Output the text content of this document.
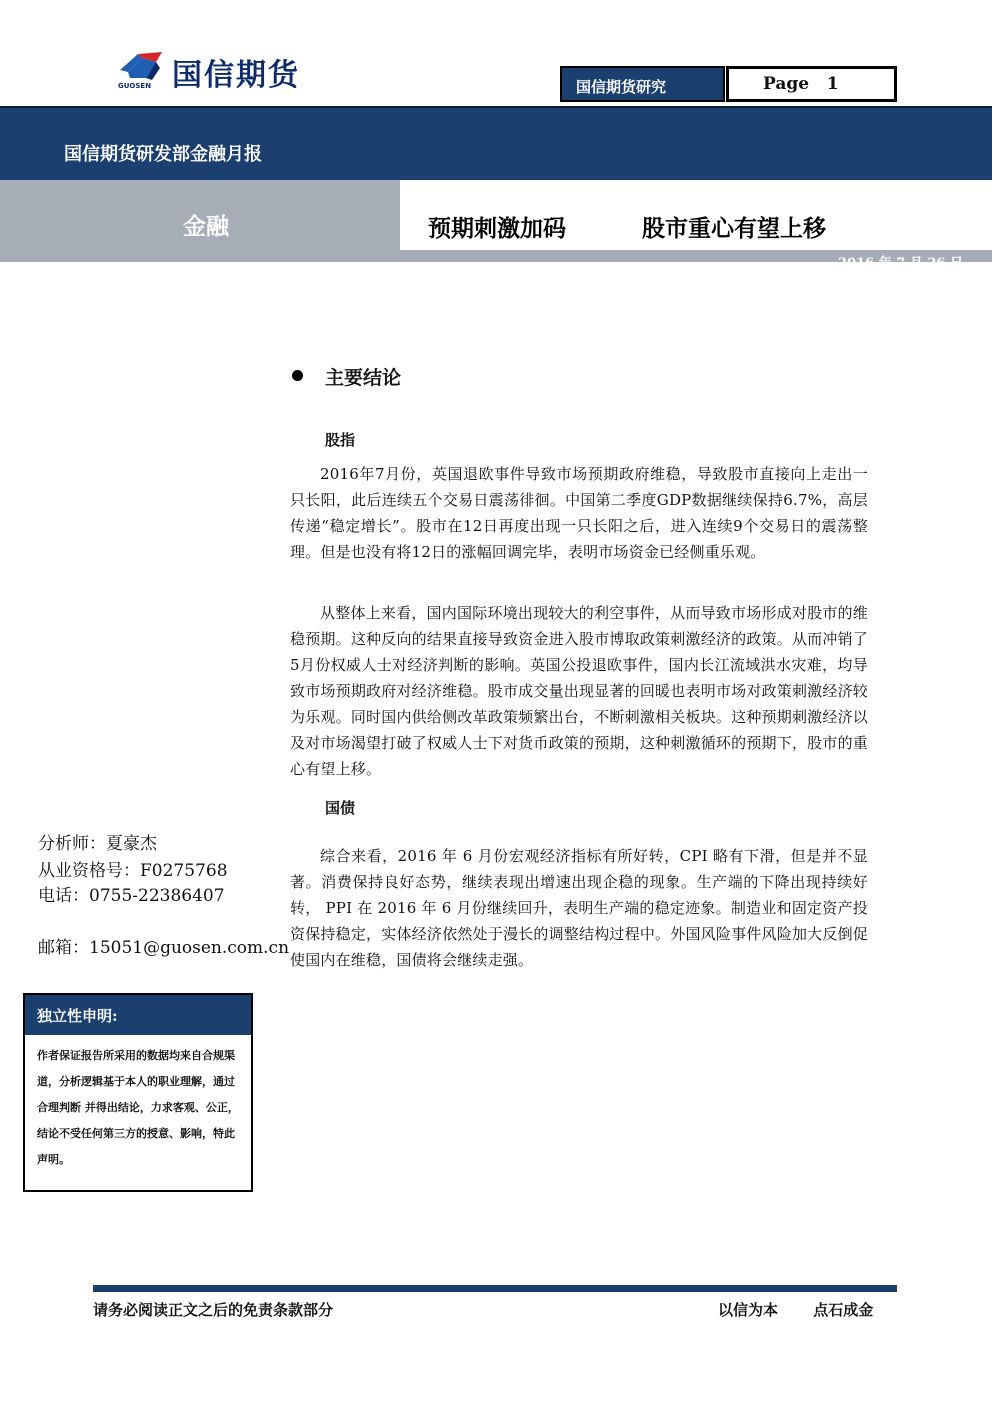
国信期货
GUOSEN	国信期货研究	Page   1
国信期货研发部金融月报
金融	预期刺激加码	股市重心有望上移
2016 年 7 月 26 日
主要结论
股指
2016年7月份，英国退欧事件导致市场预期政府维稳，导致股市直接向上走出一只长阳，此后连续五个交易日震荡徘徊。中国第二季度GDP数据继续保持6.7%，高层传递“稳定增长”。股市在12日再度出现一只长阳之后，进入连续9个交易日的震荡整理。但是也没有将12日的涨幅回调完毕，表明市场资金已经侧重乐观。
从整体上来看，国内国际环境出现较大的利空事件，从而导致市场形成对股市的维稳预期。这种反向的结果直接导致资金进入股市博取政策刺激经济的政策。从而冲销了5月份权威人士对经济判断的影响。英国公投退欧事件，国内长江流域洪水灾难，均导致市场预期政府对经济维稳。股市成交量出现显著的回暖也表明市场对政策刺激经济较为乐观。同时国内供给侧改革政策频繁出台，不断刺激相关板块。这种预期刺激经济以及对市场渴望打破了权威人士下对货币政策的预期，这种刺激循环的预期下，股市的重心有望上移。
国债
综合来看，2016 年 6 月份宏观经济指标有所好转，CPI 略有下滑，但是并不显著。消费保持良好态势，继续表现出增速出现企稳的现象。生产端的下降出现持续好转， PPI 在 2016 年 6 月份继续回升，表明生产端的稳定迹象。制造业和固定资产投资保持稳定，实体经济依然处于漫长的调整结构过程中。外国风险事件风险加大反倒促使国内在维稳，国债将会继续走强。
分析师：夏豪杰
从业资格号：F0275768
电话：0755-22386407
邮箱：15051@guosen.com.cn
独立性申明:
作者保证报告所采用的数据均来自合规渠道，分析逻辑基于本人的职业理解，通过合理判断 并得出结论，力求客观、公正，结论不受任何第三方的授意、影响，特此声明。
请务必阅读正文之后的免责条款部分	以信为本 点石成金
